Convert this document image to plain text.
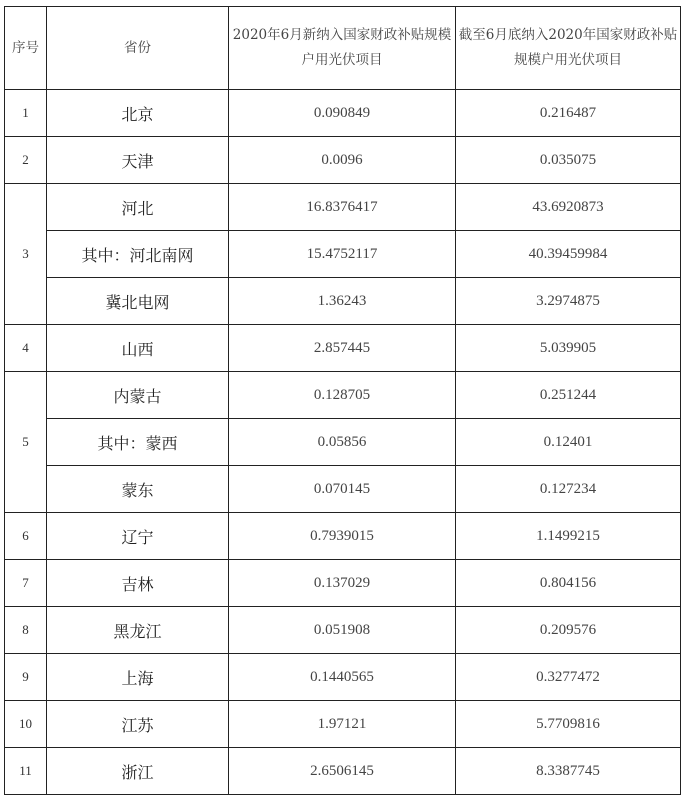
序号	省份	2020年6月新纳入国家财政补贴规模户用光伏项目	截至6月底纳入2020年国家财政补贴规模户用光伏项目
1	北京	0.090849	0.216487
2	天津	0.0096	0.035075
3	河北	16.8376417	43.6920873
	其中：河北南网	15.4752117	40.39459984
	冀北电网	1.36243	3.2974875
4	山西	2.857445	5.039905
5	内蒙古	0.128705	0.251244
	其中：蒙西	0.05856	0.12401
	蒙东	0.070145	0.127234
6	辽宁	0.7939015	1.1499215
7	吉林	0.137029	0.804156
8	黑龙江	0.051908	0.209576
9	上海	0.1440565	0.3277472
10	江苏	1.97121	5.7709816
11	浙江	2.6506145	8.3387745
